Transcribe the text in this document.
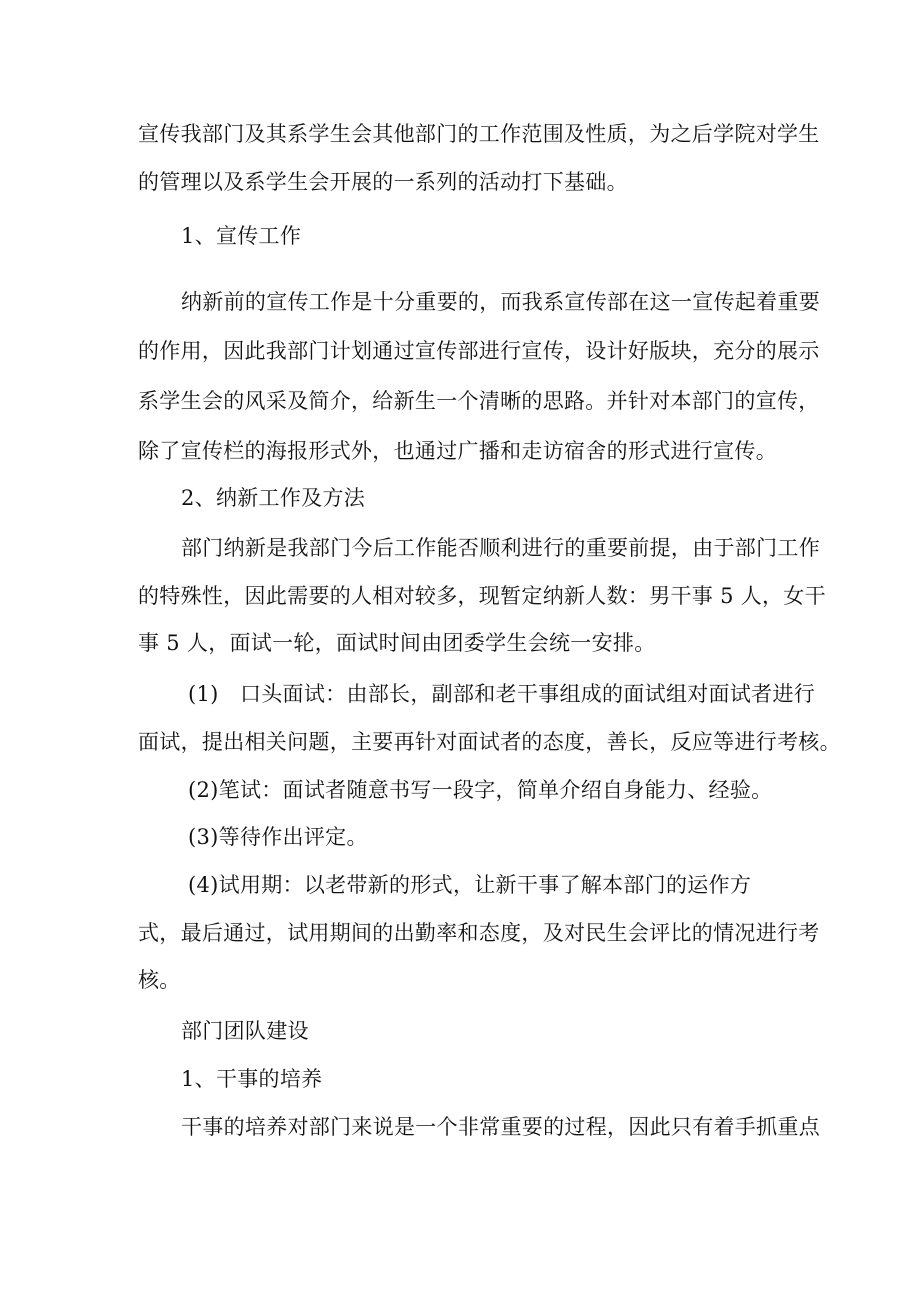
宣传我部门及其系学生会其他部门的工作范围及性质，为之后学院对学生
的管理以及系学生会开展的一系列的活动打下基础。
1、宣传工作
纳新前的宣传工作是十分重要的，而我系宣传部在这一宣传起着重要
的作用，因此我部门计划通过宣传部进行宣传，设计好版块，充分的展示
系学生会的风采及简介，给新生一个清晰的思路。并针对本部门的宣传，
除了宣传栏的海报形式外，也通过广播和走访宿舍的形式进行宣传。
2、纳新工作及方法
部门纳新是我部门今后工作能否顺利进行的重要前提，由于部门工作
的特殊性，因此需要的人相对较多，现暂定纳新人数：男干事 5 人，女干
事 5 人，面试一轮，面试时间由团委学生会统一安排。
(1)　口头面试：由部长，副部和老干事组成的面试组对面试者进行
面试，提出相关问题，主要再针对面试者的态度，善长，反应等进行考核。
(2)笔试：面试者随意书写一段字，简单介绍自身能力、经验。
(3)等待作出评定。
(4)试用期：以老带新的形式，让新干事了解本部门的运作方
式，最后通过，试用期间的出勤率和态度，及对民生会评比的情况进行考
核。
部门团队建设
1、干事的培养
干事的培养对部门来说是一个非常重要的过程，因此只有着手抓重点
